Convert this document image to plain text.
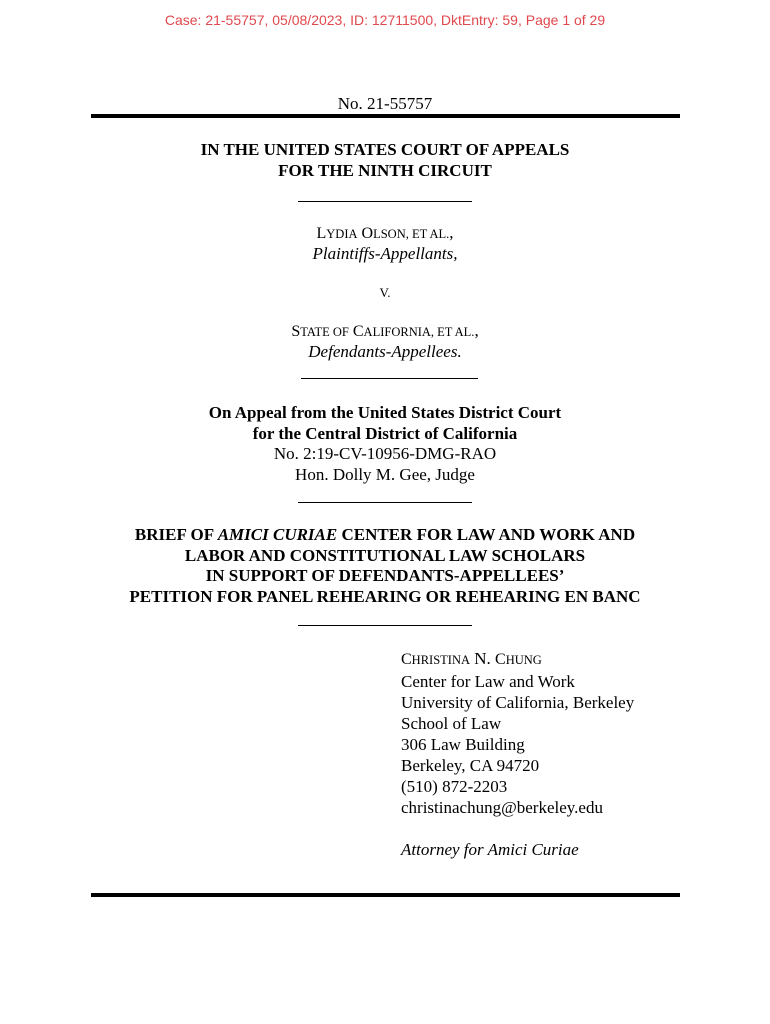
Case: 21-55757, 05/08/2023, ID: 12711500, DktEntry: 59, Page 1 of 29
No. 21-55757
IN THE UNITED STATES COURT OF APPEALS
FOR THE NINTH CIRCUIT
LYDIA OLSON, ET AL.,
Plaintiffs-Appellants,
V.
STATE OF CALIFORNIA, ET AL.,
Defendants-Appellees.
On Appeal from the United States District Court
for the Central District of California
No. 2:19-CV-10956-DMG-RAO
Hon. Dolly M. Gee, Judge
BRIEF OF AMICI CURIAE CENTER FOR LAW AND WORK AND
LABOR AND CONSTITUTIONAL LAW SCHOLARS
IN SUPPORT OF DEFENDANTS-APPELLEES’
PETITION FOR PANEL REHEARING OR REHEARING EN BANC
CHRISTINA N. CHUNG
Center for Law and Work
University of California, Berkeley
School of Law
306 Law Building
Berkeley, CA 94720
(510) 872-2203
christinachung@berkeley.edu
Attorney for Amici Curiae
